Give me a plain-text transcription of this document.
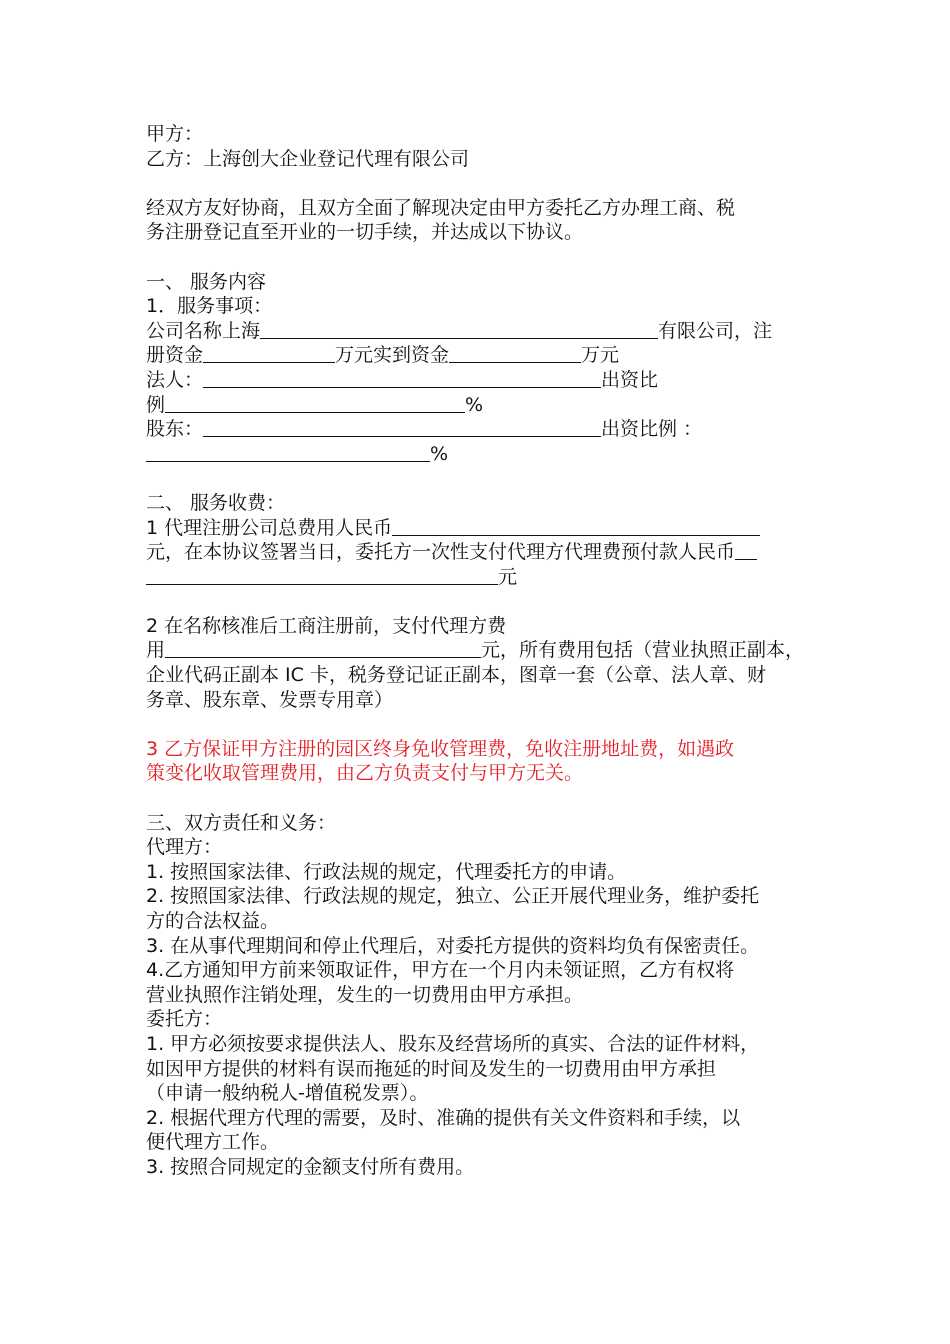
甲方：
乙方：上海创大企业登记代理有限公司
经双方友好协商，且双方全面了解现决定由甲方委托乙方办理工商、税
务注册登记直至开业的一切手续，并达成以下协议。
一、 服务内容
1．服务事项：
公司名称上海	有限公司，注
册资金	万元实到资金	万元
法人：	出资比
例	%
股东：	出资比例 ：
%
二、 服务收费：
1 代理注册公司总费用人民币
元，在本协议签署当日，委托方一次性支付代理方代理费预付款人民币
元
2 在名称核准后工商注册前，支付代理方费
用	元，所有费用包括（营业执照正副本，
企业代码正副本 IC 卡，税务登记证正副本，图章一套（公章、法人章、财
务章、股东章、发票专用章）
3 乙方保证甲方注册的园区终身免收管理费，免收注册地址费，如遇政
策变化收取管理费用，由乙方负责支付与甲方无关。
三、双方责任和义务：
代理方：
1. 按照国家法律、行政法规的规定，代理委托方的申请。
2. 按照国家法律、行政法规的规定，独立、公正开展代理业务，维护委托
方的合法权益。
3. 在从事代理期间和停止代理后，对委托方提供的资料均负有保密责任。
4.乙方通知甲方前来领取证件，甲方在一个月内未领证照，乙方有权将
营业执照作注销处理，发生的一切费用由甲方承担。
委托方：
1. 甲方必须按要求提供法人、股东及经营场所的真实、合法的证件材料，
如因甲方提供的材料有误而拖延的时间及发生的一切费用由甲方承担
（申请一般纳税人-增值税发票）。
2. 根据代理方代理的需要，及时、准确的提供有关文件资料和手续，以
便代理方工作。
3. 按照合同规定的金额支付所有费用。
